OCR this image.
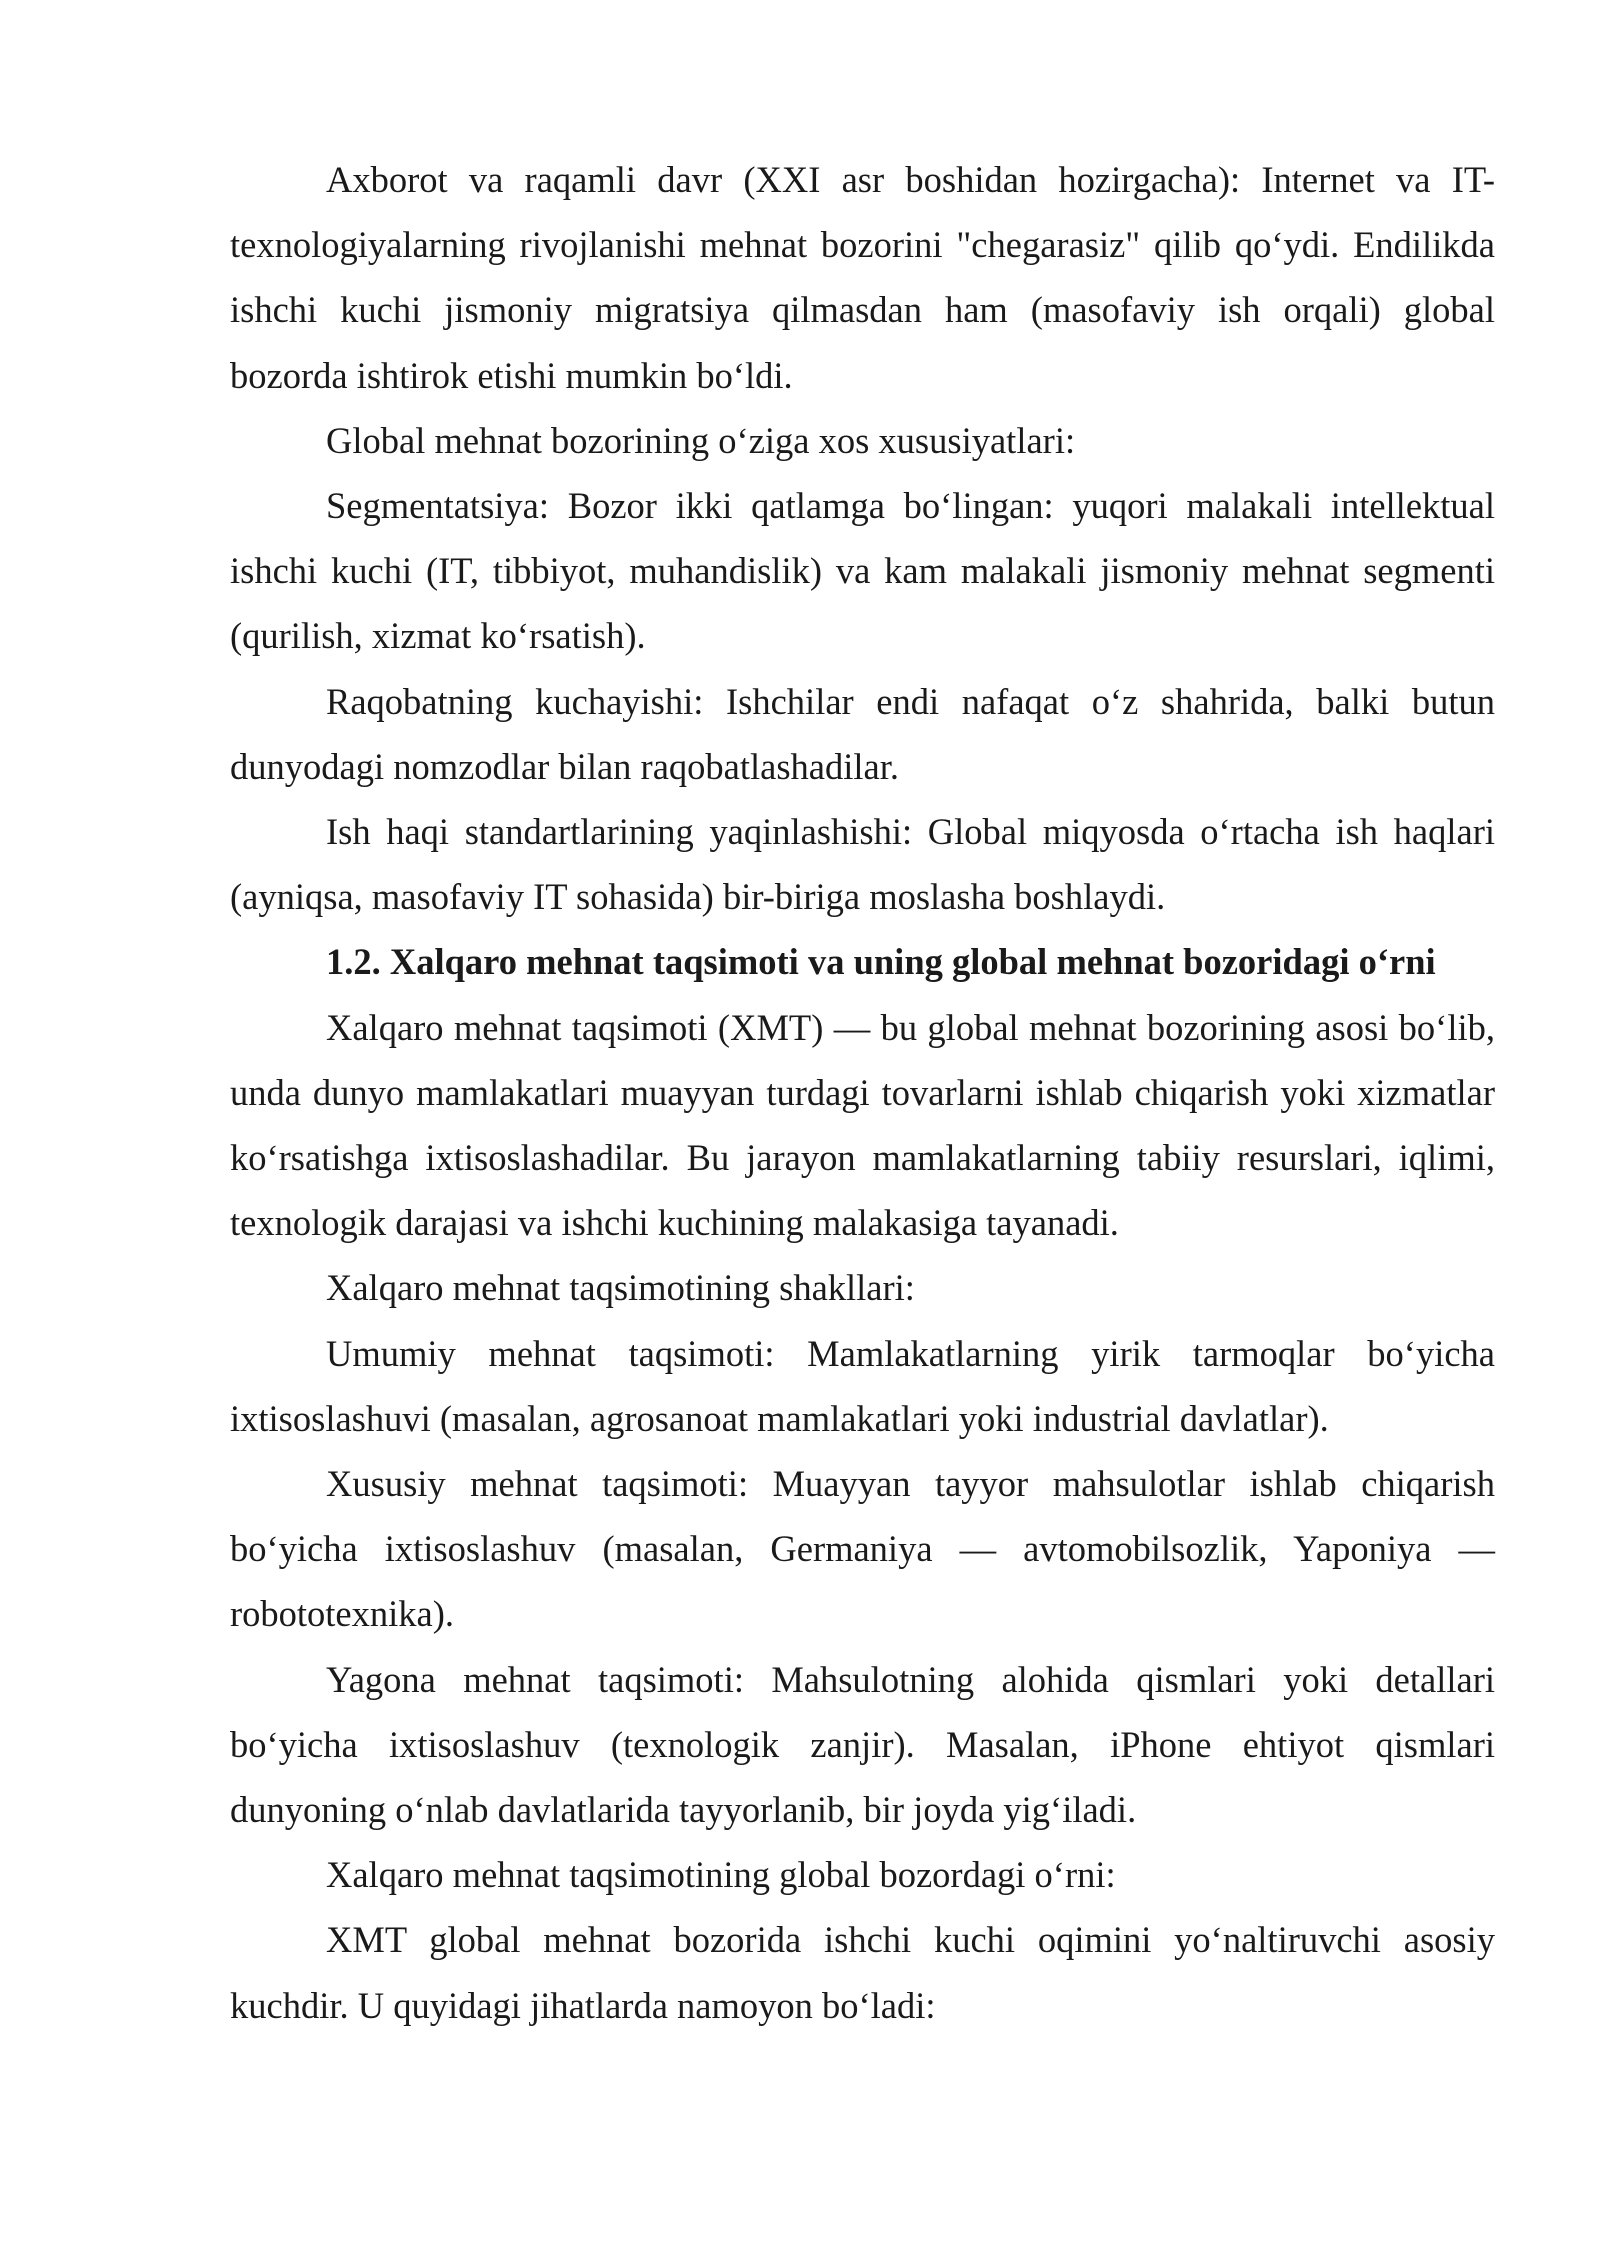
Axborot va raqamli davr (XXI asr boshidan hozirgacha): Internet va IT-texnologiyalarning rivojlanishi mehnat bozorini "chegarasiz" qilib qo‘ydi. Endilikda ishchi kuchi jismoniy migratsiya qilmasdan ham (masofaviy ish orqali) global bozorda ishtirok etishi mumkin bo‘ldi.

Global mehnat bozorining o‘ziga xos xususiyatlari:

Segmentatsiya: Bozor ikki qatlamga bo‘lingan: yuqori malakali intellektual ishchi kuchi (IT, tibbiyot, muhandislik) va kam malakali jismoniy mehnat segmenti (qurilish, xizmat ko‘rsatish).

Raqobatning kuchayishi: Ishchilar endi nafaqat o‘z shahrida, balki butun dunyodagi nomzodlar bilan raqobatlashadilar.

Ish haqi standartlarining yaqinlashishi: Global miqyosda o‘rtacha ish haqlari (ayniqsa, masofaviy IT sohasida) bir-biriga moslasha boshlaydi.

1.2. Xalqaro mehnat taqsimoti va uning global mehnat bozoridagi o‘rni

Xalqaro mehnat taqsimoti (XMT) — bu global mehnat bozorining asosi bo‘lib, unda dunyo mamlakatlari muayyan turdagi tovarlarni ishlab chiqarish yoki xizmatlar ko‘rsatishga ixtisoslashadilar. Bu jarayon mamlakatlarning tabiiy resurslari, iqlimi, texnologik darajasi va ishchi kuchining malakasiga tayanadi.

Xalqaro mehnat taqsimotining shakllari:

Umumiy mehnat taqsimoti: Mamlakatlarning yirik tarmoqlar bo‘yicha ixtisoslashuvi (masalan, agrosanoat mamlakatlari yoki industrial davlatlar).

Xususiy mehnat taqsimoti: Muayyan tayyor mahsulotlar ishlab chiqarish bo‘yicha ixtisoslashuv (masalan, Germaniya — avtomobilsozlik, Yaponiya — robototexnika).

Yagona mehnat taqsimoti: Mahsulotning alohida qismlari yoki detallari bo‘yicha ixtisoslashuv (texnologik zanjir). Masalan, iPhone ehtiyot qismlari dunyoning o‘nlab davlatlarida tayyorlanib, bir joyda yig‘iladi.

Xalqaro mehnat taqsimotining global bozordagi o‘rni:

XMT global mehnat bozorida ishchi kuchi oqimini yo‘naltiruvchi asosiy kuchdir. U quyidagi jihatlarda namoyon bo‘ladi:
